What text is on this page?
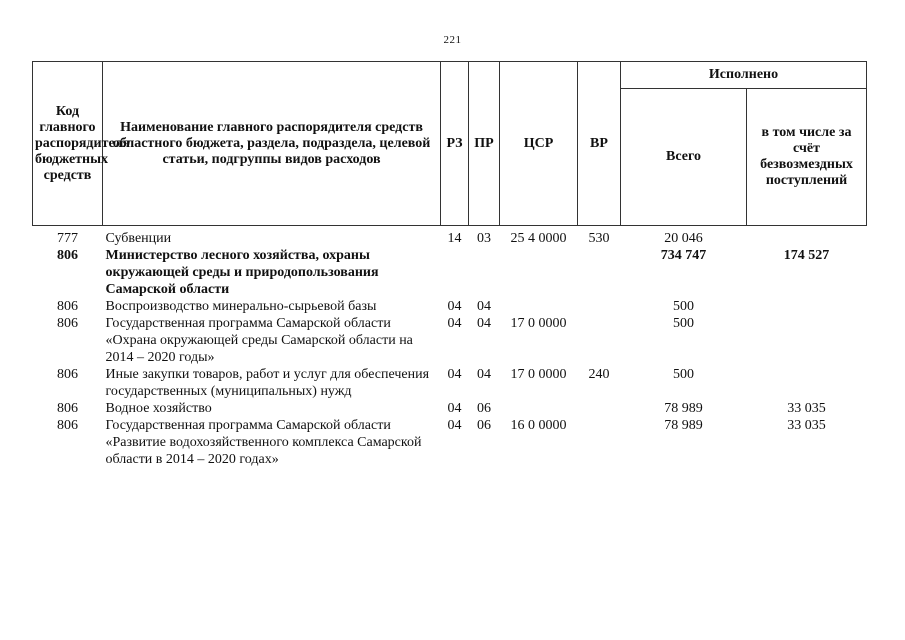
221
Код главного распорядителя бюджетных средств	Наименование главного распорядителя средств областного бюджета, раздела, подраздела, целевой статьи, подгруппы видов расходов	РЗ	ПР	ЦСР	ВР	Исполнено	
						Всего	в том числе за счёт безвозмездных поступлений
777	Субвенции	14	03	25 4 0000	530	20 046	
806	Министерство лесного хозяйства, охраны окружающей среды и природопользования Самарской области					734 747	174 527
806	Воспроизводство минерально-сырьевой базы	04	04			500	
806	Государственная программа Самарской области «Охрана окружающей среды Самарской области на 2014 – 2020 годы»	04	04	17 0 0000		500	
806	Иные закупки товаров, работ и услуг для обеспечения государственных (муниципальных) нужд	04	04	17 0 0000	240	500	
806	Водное хозяйство	04	06			78 989	33 035
806	Государственная программа Самарской области «Развитие водохозяйственного комплекса Самарской области в 2014 – 2020 годах»	04	06	16 0 0000		78 989	33 035
